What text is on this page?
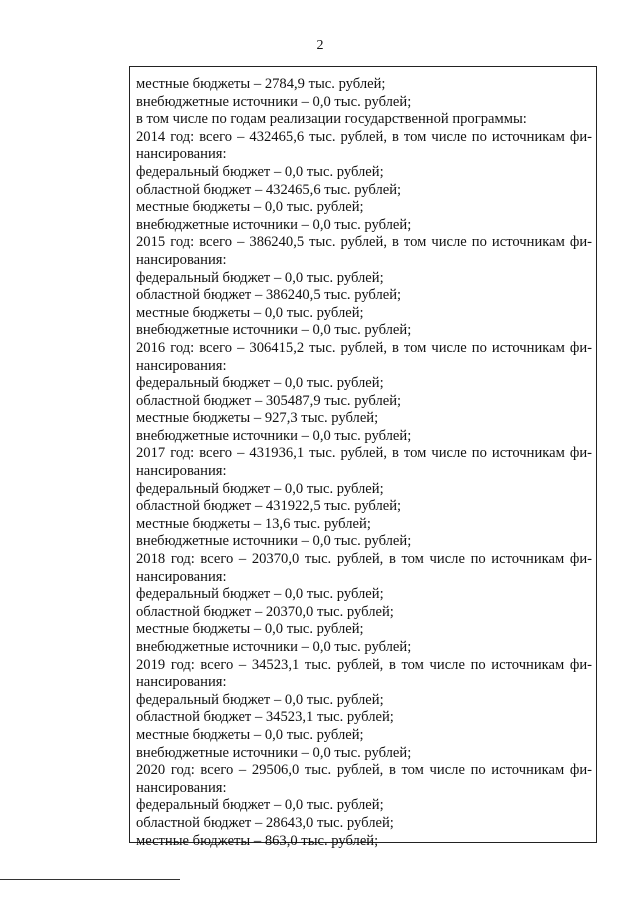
2
местные бюджеты – 2784,9 тыс. рублей;
внебюджетные источники – 0,0 тыс. рублей;
в том числе по годам реализации государственной программы:
2014 год: всего – 432465,6 тыс. рублей, в том числе по источникам фи-
нансирования:
федеральный бюджет – 0,0 тыс. рублей;
областной бюджет – 432465,6 тыс. рублей;
местные бюджеты – 0,0 тыс. рублей;
внебюджетные источники – 0,0 тыс. рублей;
2015 год: всего – 386240,5 тыс. рублей, в том числе по источникам фи-
нансирования:
федеральный бюджет – 0,0 тыс. рублей;
областной бюджет – 386240,5 тыс. рублей;
местные бюджеты – 0,0 тыс. рублей;
внебюджетные источники – 0,0 тыс. рублей;
2016 год: всего – 306415,2 тыс. рублей, в том числе по источникам фи-
нансирования:
федеральный бюджет – 0,0 тыс. рублей;
областной бюджет – 305487,9 тыс. рублей;
местные бюджеты – 927,3 тыс. рублей;
внебюджетные источники – 0,0 тыс. рублей;
2017 год: всего – 431936,1 тыс. рублей, в том числе по источникам фи-
нансирования:
федеральный бюджет – 0,0 тыс. рублей;
областной бюджет – 431922,5 тыс. рублей;
местные бюджеты – 13,6 тыс. рублей;
внебюджетные источники – 0,0 тыс. рублей;
2018 год: всего – 20370,0 тыс. рублей, в том числе по источникам фи-
нансирования:
федеральный бюджет – 0,0 тыс. рублей;
областной бюджет – 20370,0 тыс. рублей;
местные бюджеты – 0,0 тыс. рублей;
внебюджетные источники – 0,0 тыс. рублей;
2019 год: всего – 34523,1 тыс. рублей, в том числе по источникам фи-
нансирования:
федеральный бюджет – 0,0 тыс. рублей;
областной бюджет – 34523,1 тыс. рублей;
местные бюджеты – 0,0 тыс. рублей;
внебюджетные источники – 0,0 тыс. рублей;
2020 год: всего – 29506,0 тыс. рублей, в том числе по источникам фи-
нансирования:
федеральный бюджет – 0,0 тыс. рублей;
областной бюджет – 28643,0 тыс. рублей;
местные бюджеты – 863,0 тыс. рублей;
